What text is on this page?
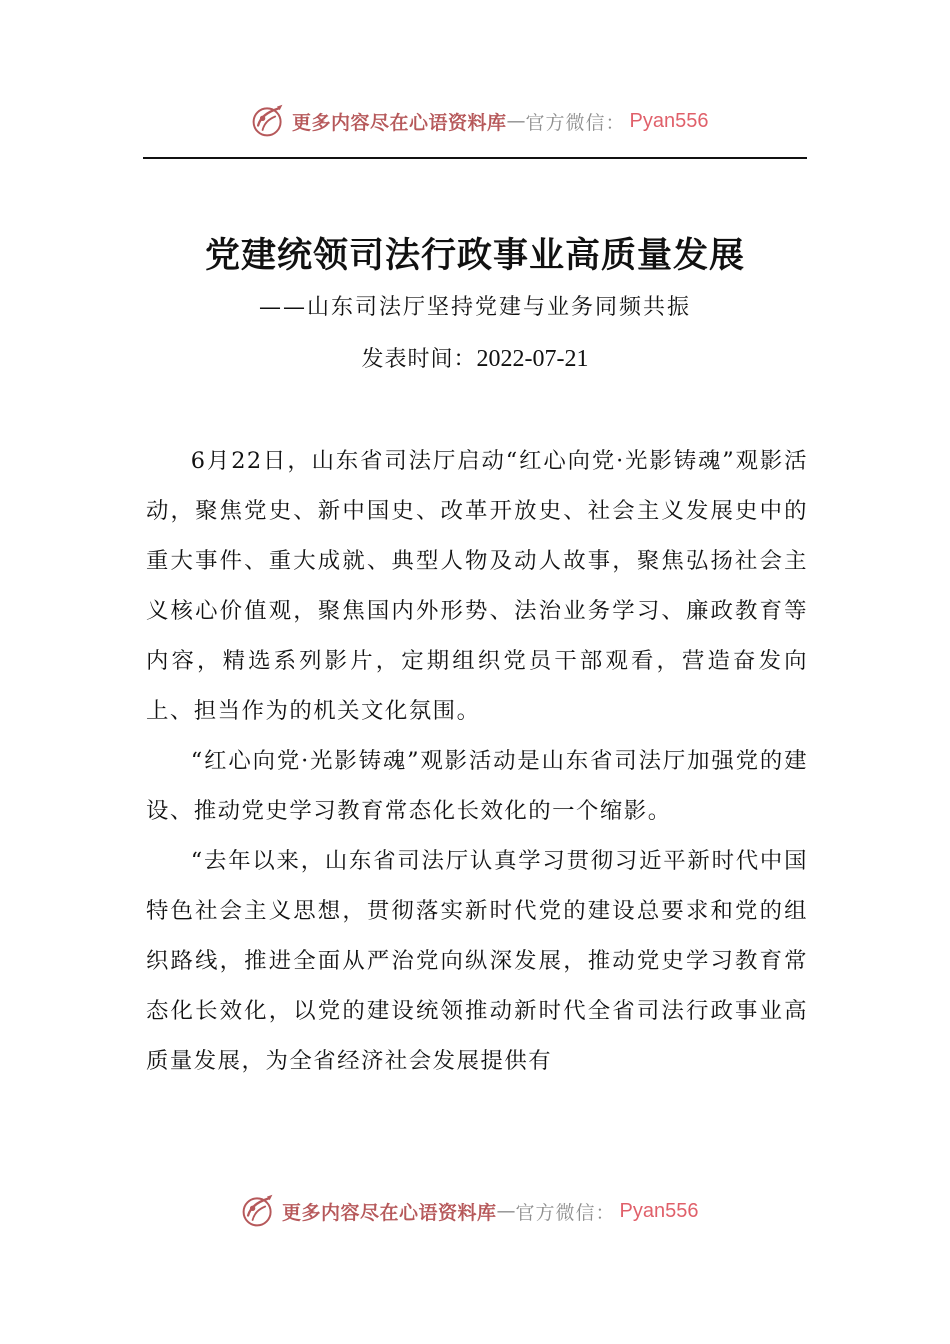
更多内容尽在心语资料库 — 官方微信： Pyan556
党建统领司法行政事业高质量发展
——山东司法厅坚持党建与业务同频共振
发表时间：2022-07-21

6月22日，山东省司法厅启动“红心向党·光影铸魂”观影活动，聚焦党史、新中国史、改革开放史、社会主义发展史中的重大事件、重大成就、典型人物及动人故事，聚焦弘扬社会主义核心价值观，聚焦国内外形势、法治业务学习、廉政教育等内容，精选系列影片，定期组织党员干部观看，营造奋发向上、担当作为的机关文化氛围。

“红心向党·光影铸魂”观影活动是山东省司法厅加强党的建设、推动党史学习教育常态化长效化的一个缩影。

“去年以来，山东省司法厅认真学习贯彻习近平新时代中国特色社会主义思想，贯彻落实新时代党的建设总要求和党的组织路线，推进全面从严治党向纵深发展，推动党史学习教育常态化长效化，以党的建设统领推动新时代全省司法行政事业高质量发展，为全省经济社会发展提供有

更多内容尽在心语资料库 — 官方微信： Pyan556
